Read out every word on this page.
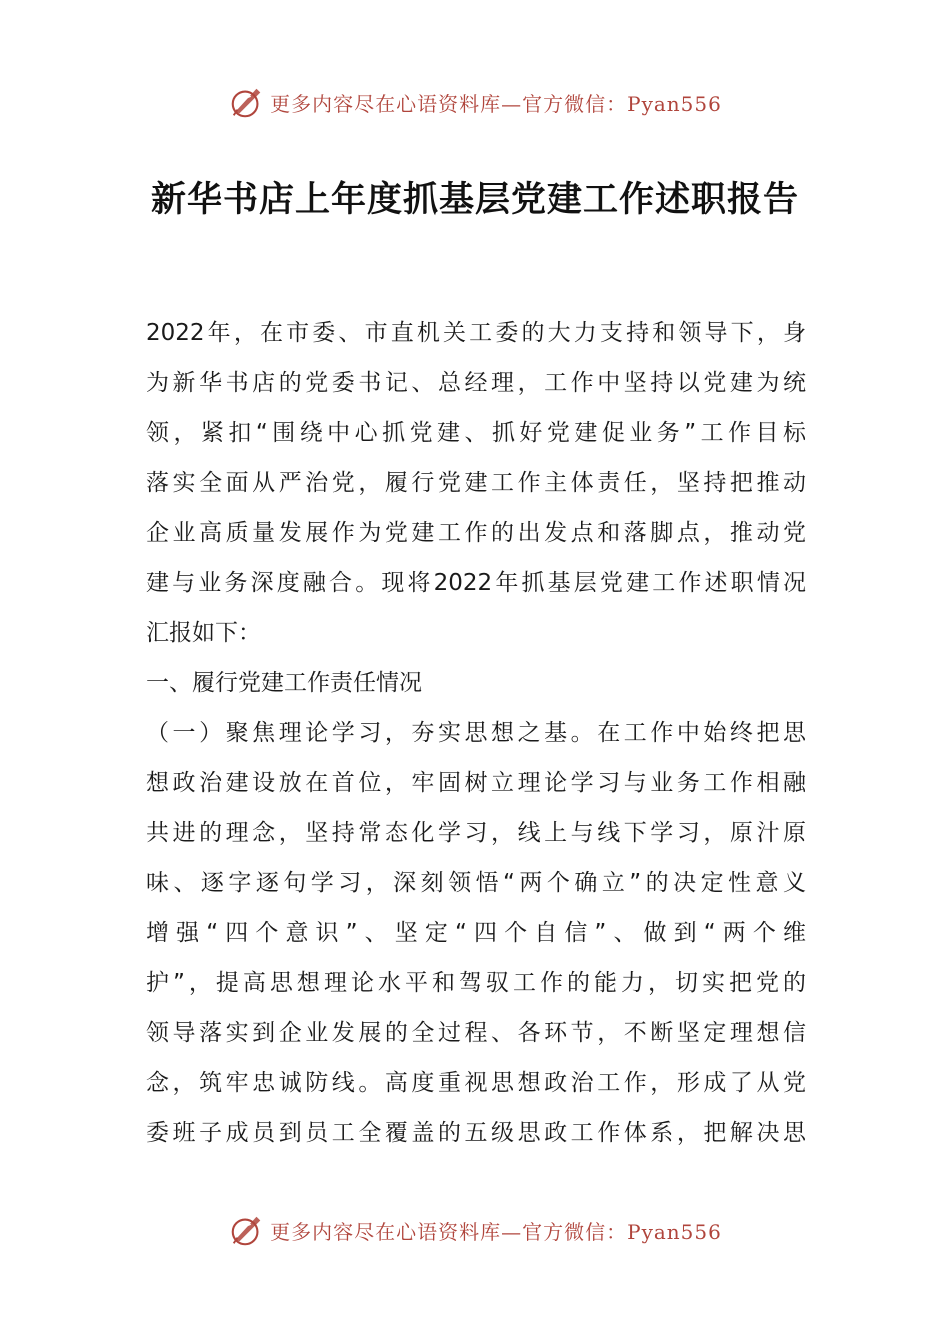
更多内容尽在心语资料库—官方微信：Pyan556
新华书店上年度抓基层党建工作述职报告
2022年，在市委、市直机关工委的大力支持和领导下，身
为新华书店的党委书记、总经理，工作中坚持以党建为统
领，紧扣“围绕中心抓党建、抓好党建促业务”工作目标
落实全面从严治党，履行党建工作主体责任，坚持把推动
企业高质量发展作为党建工作的出发点和落脚点，推动党
建与业务深度融合。现将2022年抓基层党建工作述职情况
汇报如下：
一、履行党建工作责任情况
（一）聚焦理论学习，夯实思想之基。在工作中始终把思
想政治建设放在首位，牢固树立理论学习与业务工作相融
共进的理念，坚持常态化学习，线上与线下学习，原汁原
味、逐字逐句学习，深刻领悟“两个确立”的决定性意义
增强“四个意识”、坚定“四个自信”、做到“两个维
护”，提高思想理论水平和驾驭工作的能力，切实把党的
领导落实到企业发展的全过程、各环节，不断坚定理想信
念，筑牢忠诚防线。高度重视思想政治工作，形成了从党
委班子成员到员工全覆盖的五级思政工作体系，把解决思
更多内容尽在心语资料库—官方微信：Pyan556
